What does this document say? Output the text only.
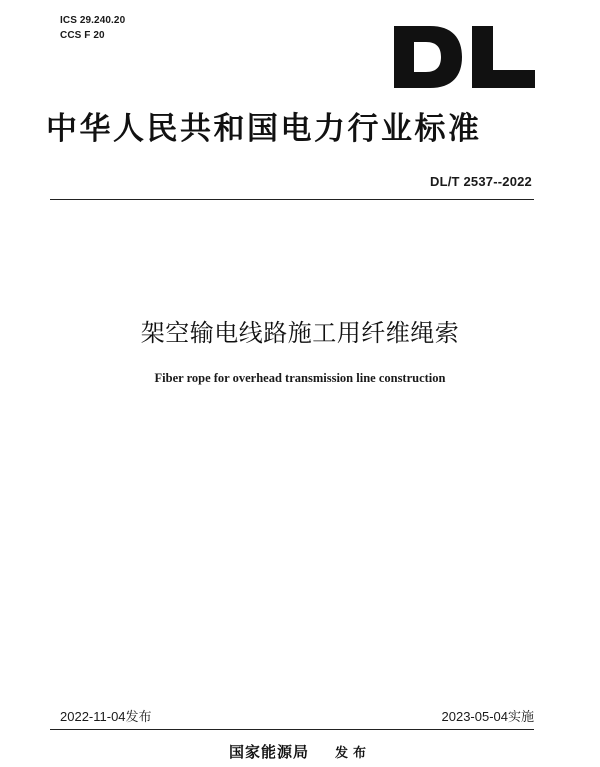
ICS 29.240.20
CCS F 20
中华人民共和国电力行业标准
DL/T 2537--2022
架空输电线路施工用纤维绳索
Fiber rope for overhead transmission line construction
2022-11-04发布	2023-05-04实施
国家能源局 发布
